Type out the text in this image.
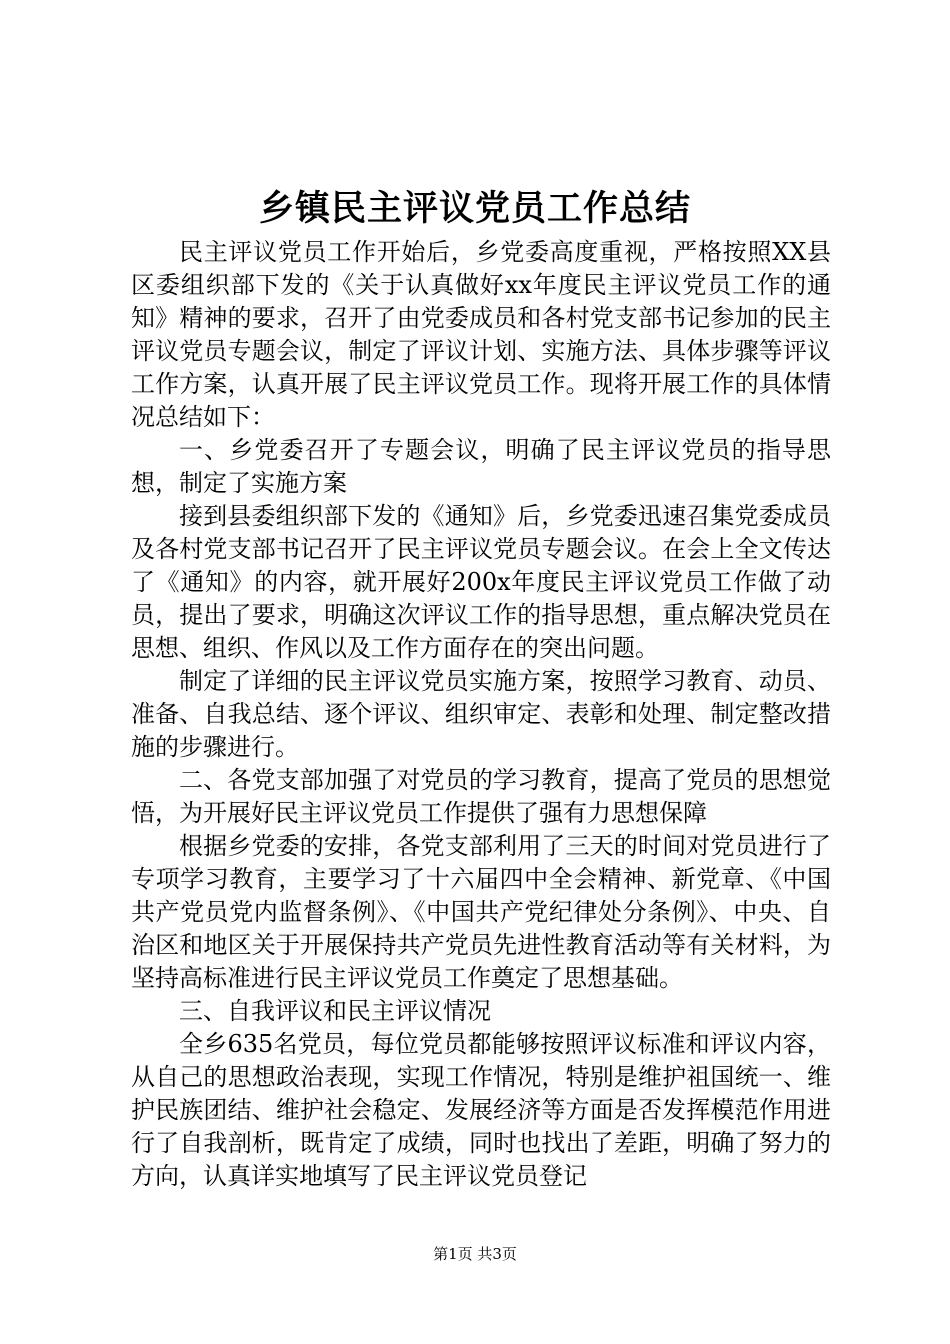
乡镇民主评议党员工作总结

民主评议党员工作开始后，乡党委高度重视，严格按照XX县区委组织部下发的《关于认真做好xx年度民主评议党员工作的通知》精神的要求，召开了由党委成员和各村党支部书记参加的民主评议党员专题会议，制定了评议计划、实施方法、具体步骤等评议工作方案，认真开展了民主评议党员工作。现将开展工作的具体情况总结如下：

一、乡党委召开了专题会议，明确了民主评议党员的指导思想，制定了实施方案

接到县委组织部下发的《通知》后，乡党委迅速召集党委成员及各村党支部书记召开了民主评议党员专题会议。在会上全文传达了《通知》的内容，就开展好200x年度民主评议党员工作做了动员，提出了要求，明确这次评议工作的指导思想，重点解决党员在思想、组织、作风以及工作方面存在的突出问题。

制定了详细的民主评议党员实施方案，按照学习教育、动员、准备、自我总结、逐个评议、组织审定、表彰和处理、制定整改措施的步骤进行。

二、各党支部加强了对党员的学习教育，提高了党员的思想觉悟，为开展好民主评议党员工作提供了强有力思想保障

根据乡党委的安排，各党支部利用了三天的时间对党员进行了专项学习教育，主要学习了十六届四中全会精神、新党章、《中国共产党员党内监督条例》、《中国共产党纪律处分条例》、中央、自治区和地区关于开展保持共产党员先进性教育活动等有关材料，为坚持高标准进行民主评议党员工作奠定了思想基础。

三、自我评议和民主评议情况

全乡635名党员，每位党员都能够按照评议标准和评议内容，从自己的思想政治表现，实现工作情况，特别是维护祖国统一、维护民族团结、维护社会稳定、发展经济等方面是否发挥模范作用进行了自我剖析，既肯定了成绩，同时也找出了差距，明确了努力的方向，认真详实地填写了民主评议党员登记

第1页 共3页
